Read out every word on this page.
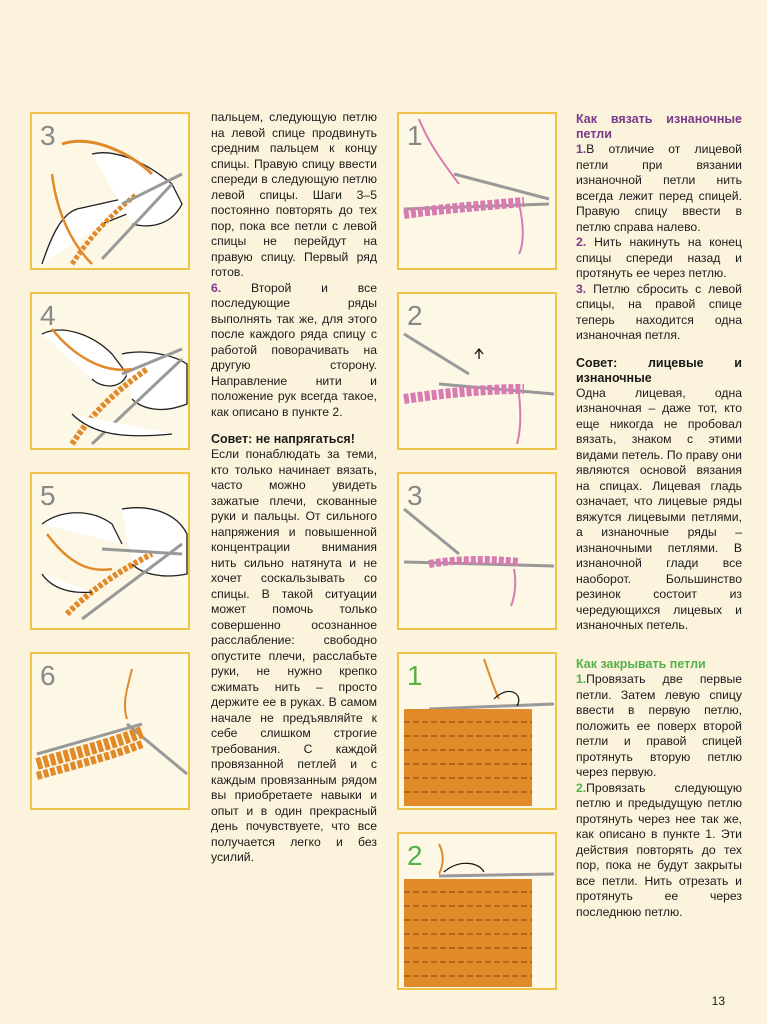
3
4
5
6

пальцем, следующую петлю на левой спице продвинуть средним пальцем к концу спицы. Правую спицу ввести спереди в следующую петлю левой спицы. Шаги 3–5 постоянно повторять до тех пор, пока все петли с левой спицы не перейдут на правую спицу. Первый ряд готов.

6. Второй и все последующие ряды выполнять так же, для этого после каждого ряда спицу с работой поворачивать на другую сторону. Направление нити и положение рук всегда такое, как описано в пункте 2.

Совет: не напрягаться!

Если понаблюдать за теми, кто только начинает вязать, часто можно увидеть зажатые плечи, скованные руки и пальцы. От сильного напряжения и повышенной концентрации внимания нить сильно натянута и не хочет соскальзывать со спицы. В такой ситуации может помочь только совершенно осознанное расслабление: свободно опустите плечи, расслабьте руки, не нужно крепко сжимать нить – просто держите ее в руках. В самом начале не предъявляйте к себе слишком строгие требования. С каждой провязанной петлей и с каждым провязанным рядом вы приобретаете навыки и опыт и в один прекрасный день почувствуете, что все получается легко и без усилий.

1
2
3
1
2
Как вязать изнаночные петли

1.В отличие от лицевой петли при вязании изнаночной петли нить всегда лежит перед спицей. Правую спицу ввести в петлю справа налево.

2. Нить накинуть на конец спицы спереди назад и протянуть ее через петлю.

3. Петлю сбросить с левой спицы, на правой спице теперь находится одна изнаночная петля.

Совет: лицевые и изнаночные

Одна лицевая, одна изнаночная – даже тот, кто еще никогда не пробовал вязать, знаком с этими видами петель. По праву они являются основой вязания на спицах. Лицевая гладь означает, что лицевые ряды вяжутся лицевыми петлями, а изнаночные ряды – изнаночными петлями. В изнаночной глади все наоборот. Большинство резинок состоит из чередующихся лицевых и изнаночных петель.

Как закрывать петли

1.Провязать две первые петли. Затем левую спицу ввести в первую петлю, положить ее поверх второй петли и правой спицей протянуть вторую петлю через первую.

2.Провязать следующую петлю и предыдущую петлю протянуть через нее так же, как описано в пункте 1. Эти действия повторять до тех пор, пока не будут закрыты все петли. Нить отрезать и протянуть ее через последнюю петлю.

13
